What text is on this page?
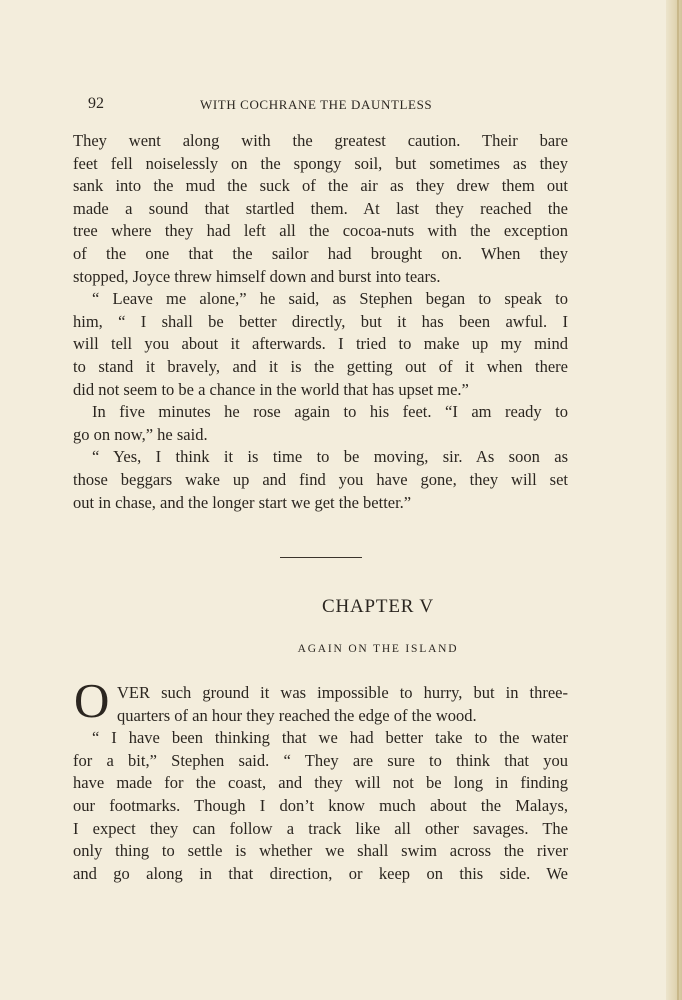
92	WITH COCHRANE THE DAUNTLESS
They went along with the greatest caution. Their bare
feet fell noiselessly on the spongy soil, but sometimes as they
sank into the mud the suck of the air as they drew them out
made a sound that startled them. At last they reached the
tree where they had left all the cocoa-nuts with the exception
of the one that the sailor had brought on. When they
stopped, Joyce threw himself down and burst into tears.
“ Leave me alone,” he said, as Stephen began to speak to
him, “ I shall be better directly, but it has been awful. I
will tell you about it afterwards. I tried to make up my mind
to stand it bravely, and it is the getting out of it when there
did not seem to be a chance in the world that has upset me.”
In five minutes he rose again to his feet. “I am ready to
go on now,” he said.
“ Yes, I think it is time to be moving, sir. As soon as
those beggars wake up and find you have gone, they will set
out in chase, and the longer start we get the better.”
CHAPTER V
AGAIN ON THE ISLAND
O VER such ground it was impossible to hurry, but in three-
quarters of an hour they reached the edge of the wood.
“ I have been thinking that we had better take to the water
for a bit,” Stephen said. “ They are sure to think that you
have made for the coast, and they will not be long in finding
our footmarks. Though I don’t know much about the Malays,
I expect they can follow a track like all other savages. The
only thing to settle is whether we shall swim across the river
and go along in that direction, or keep on this side. We
